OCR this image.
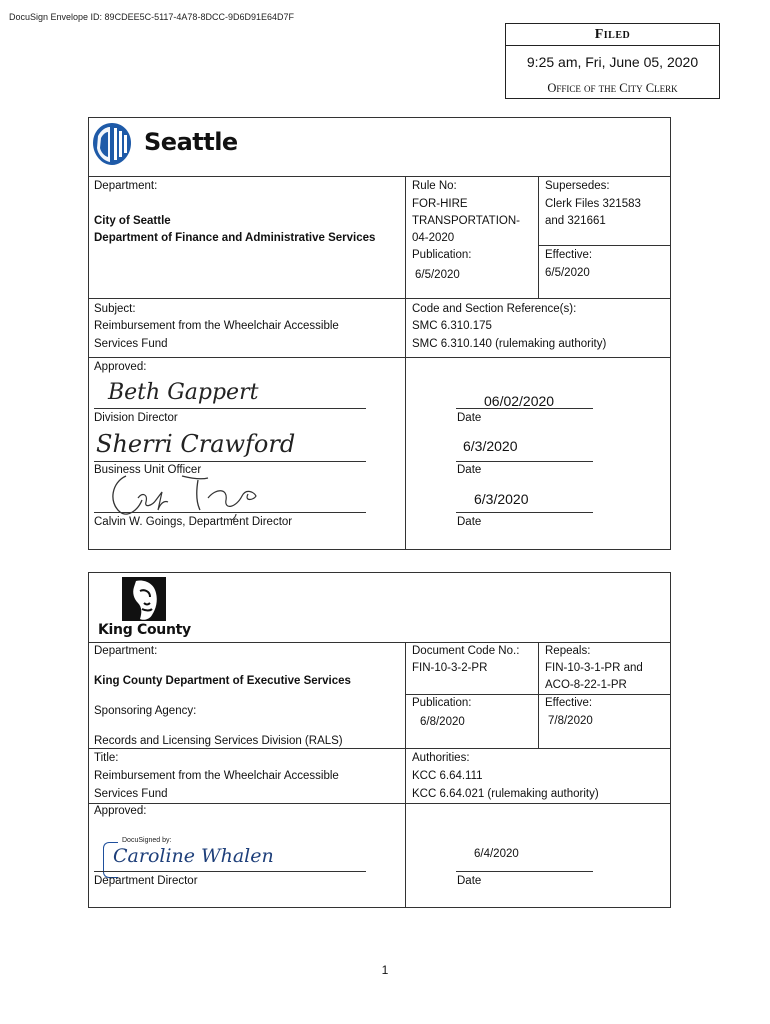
DocuSign Envelope ID: 89CDEE5C-5117-4A78-8DCC-9D6D91E64D7F
Filed
9:25 am, Fri, June 05, 2020
Office of the City Clerk
Seattle
Department:
City of Seattle
Department of Finance and Administrative Services
Rule No:
FOR-HIRE
TRANSPORTATION-
04-2020
Publication:
6/5/2020
Supersedes:
Clerk Files 321583
and 321661
Effective:
6/5/2020
Subject:
Reimbursement from the Wheelchair Accessible
Services Fund
Code and Section Reference(s):
SMC 6.310.175
SMC 6.310.140 (rulemaking authority)
Approved:
Beth Gappert
Division Director
06/02/2020
Date
Sherri Crawford
Business Unit Officer
6/3/2020
Date
Calvin W. Goings, Department Director
6/3/2020
Date
King County
Department:
King County Department of Executive Services
Sponsoring Agency:
Records and Licensing Services Division (RALS)
Document Code No.:
FIN-10-3-2-PR
Publication:
6/8/2020
Repeals:
FIN-10-3-1-PR and
ACO-8-22-1-PR
Effective:
7/8/2020
Title:
Reimbursement from the Wheelchair Accessible
Services Fund
Authorities:
KCC 6.64.111
KCC 6.64.021 (rulemaking authority)
Approved:
DocuSigned by:
Caroline Whalen
Department Director
6/4/2020
Date
1
